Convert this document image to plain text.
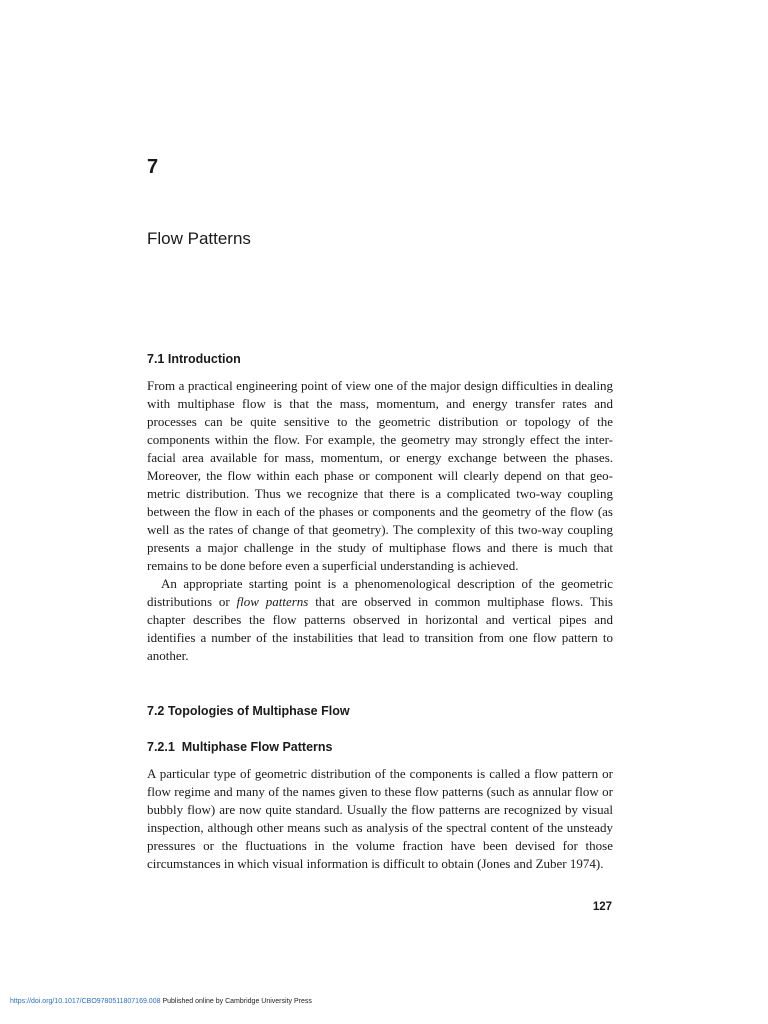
7
Flow Patterns
7.1 Introduction

From a practical engineering point of view one of the major design difficulties in dealing with multiphase flow is that the mass, momentum, and energy transfer rates and processes can be quite sensitive to the geometric distribution or topology of the components within the flow. For example, the geometry may strongly effect the inter-facial area available for mass, momentum, or energy exchange between the phases. Moreover, the flow within each phase or component will clearly depend on that geo-metric distribution. Thus we recognize that there is a complicated two-way coupling between the flow in each of the phases or components and the geometry of the flow (as well as the rates of change of that geometry). The complexity of this two-way coupling presents a major challenge in the study of multiphase flows and there is much that remains to be done before even a superficial understanding is achieved.

An appropriate starting point is a phenomenological description of the geometric distributions or flow patterns that are observed in common multiphase flows. This chapter describes the flow patterns observed in horizontal and vertical pipes and identifies a number of the instabilities that lead to transition from one flow pattern to another.

7.2 Topologies of Multiphase Flow
7.2.1 Multiphase Flow Patterns

A particular type of geometric distribution of the components is called a flow pattern or flow regime and many of the names given to these flow patterns (such as annular flow or bubbly flow) are now quite standard. Usually the flow patterns are recognized by visual inspection, although other means such as analysis of the spectral content of the unsteady pressures or the fluctuations in the volume fraction have been devised for those circumstances in which visual information is difficult to obtain (Jones and Zuber 1974).

127
https://doi.org/10.1017/CBO9780511807169.008 Published online by Cambridge University Press
